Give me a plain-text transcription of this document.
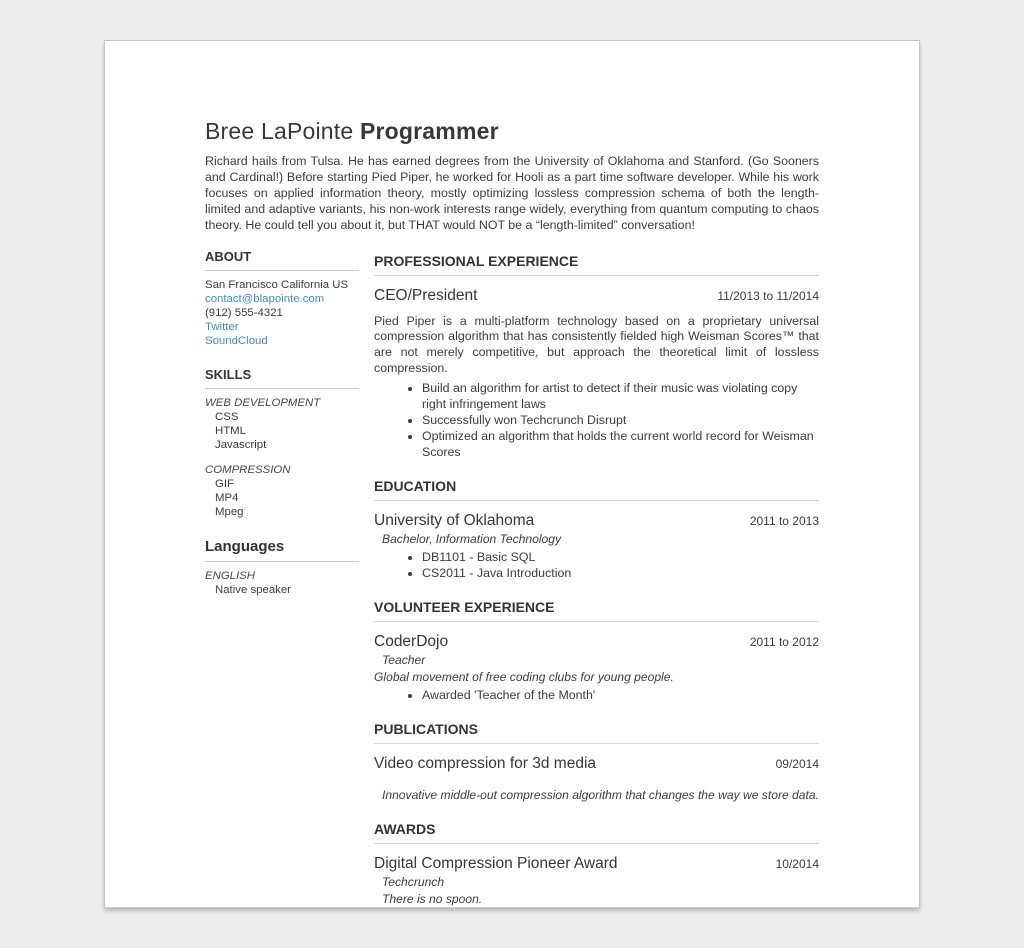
Bree LaPointe Programmer

Richard hails from Tulsa. He has earned degrees from the University of Oklahoma and Stanford. (Go Sooners and Cardinal!) Before starting Pied Piper, he worked for Hooli as a part time software developer. While his work focuses on applied information theory, mostly optimizing lossless compression schema of both the length-limited and adaptive variants, his non-work interests range widely, everything from quantum computing to chaos theory. He could tell you about it, but THAT would NOT be a “length-limited” conversation!

ABOUT
San Francisco California US
contact@blapointe.com
(912) 555-4321
Twitter
SoundCloud
SKILLS
WEB DEVELOPMENT
CSS
HTML
Javascript
COMPRESSION
GIF
MP4
Mpeg
Languages
ENGLISH
Native speaker
PROFESSIONAL EXPERIENCE
CEO/President	11/2013 to 11/2014

Pied Piper is a multi-platform technology based on a proprietary universal compression algorithm that has consistently fielded high Weisman Scores™ that are not merely competitive, but approach the theoretical limit of lossless compression.

• Build an algorithm for artist to detect if their music was violating copy right infringement laws
• Successfully won Techcrunch Disrupt
• Optimized an algorithm that holds the current world record for Weisman Scores
EDUCATION
University of Oklahoma	2011 to 2013
Bachelor, Information Technology
• DB1101 - Basic SQL
• CS2011 - Java Introduction
VOLUNTEER EXPERIENCE
CoderDojo	2011 to 2012
Teacher
Global movement of free coding clubs for young people.
• Awarded 'Teacher of the Month'
PUBLICATIONS
Video compression for 3d media	09/2014
Innovative middle-out compression algorithm that changes the way we store data.
AWARDS
Digital Compression Pioneer Award	10/2014
Techcrunch
There is no spoon.
